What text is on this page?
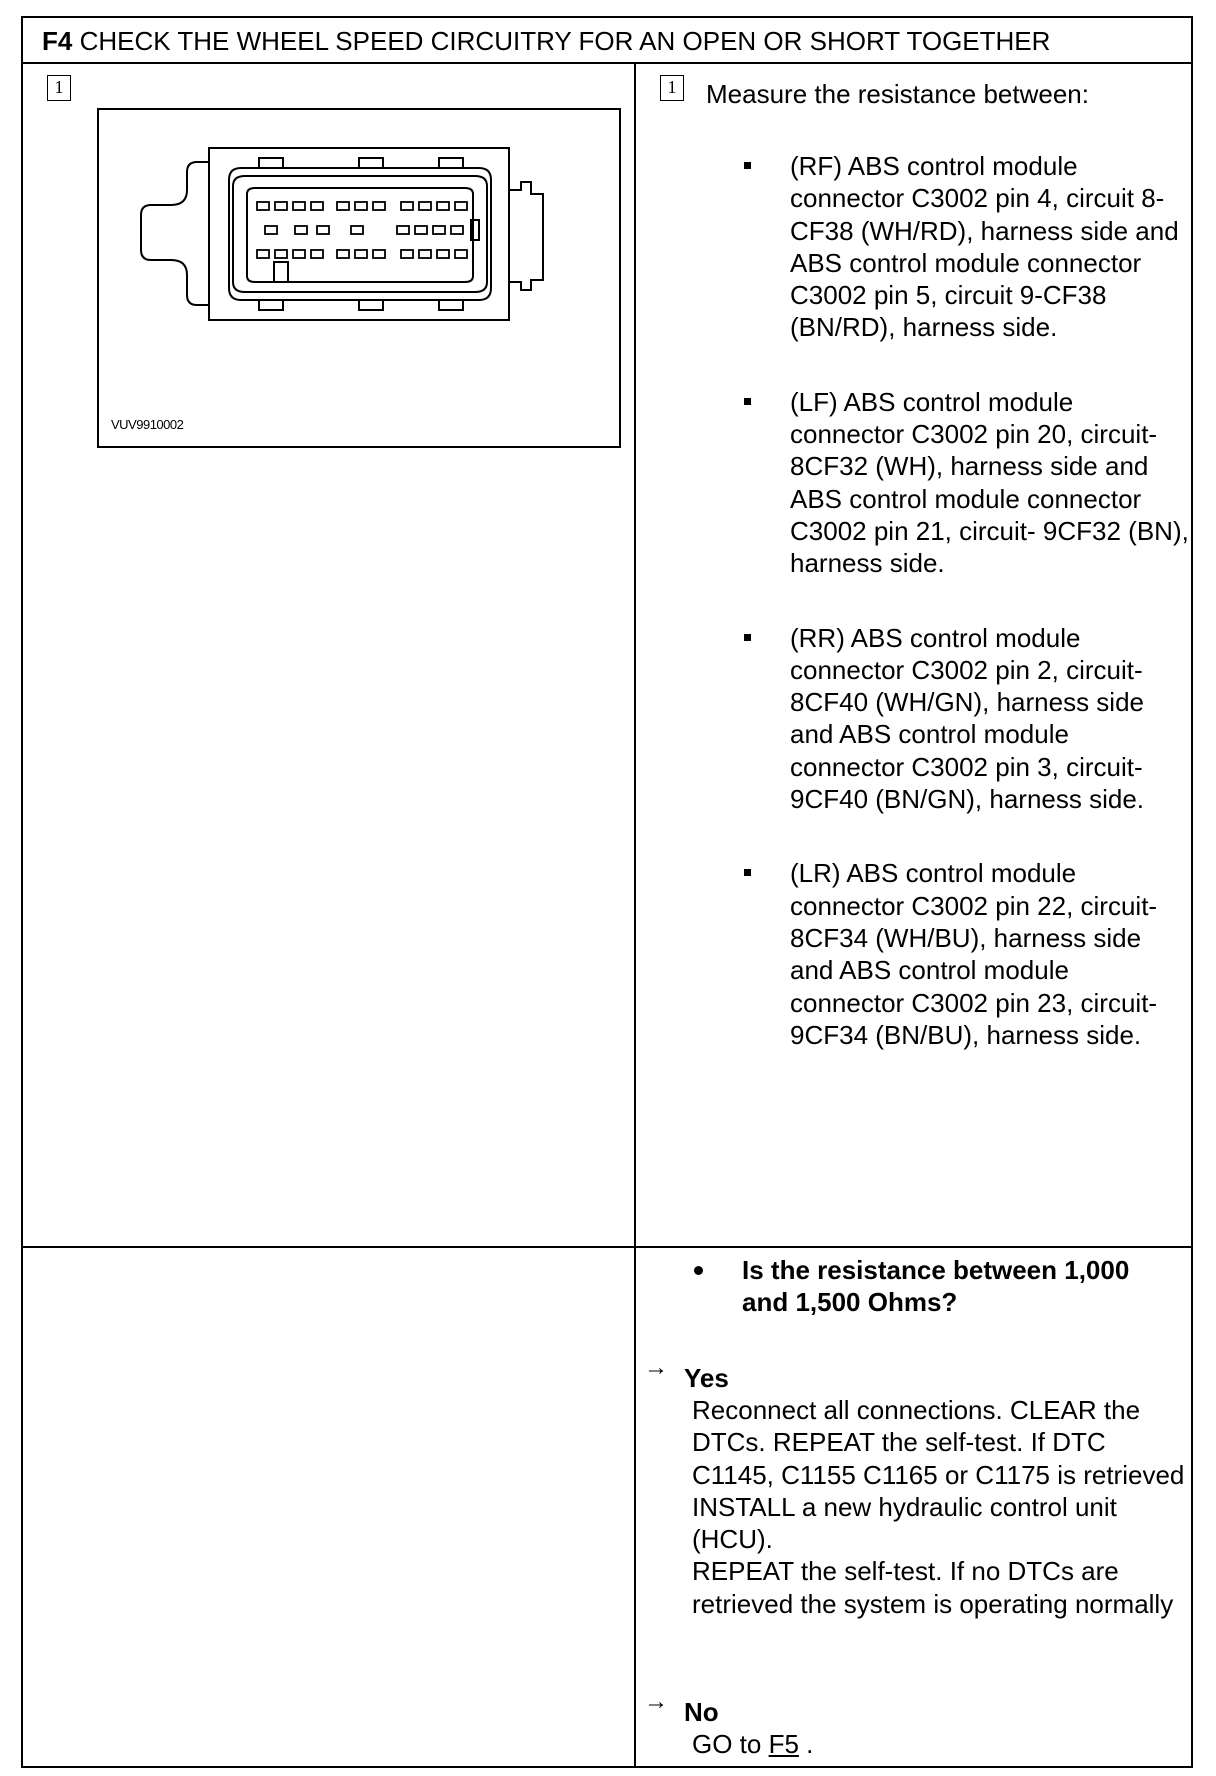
F4 CHECK THE WHEEL SPEED CIRCUITRY FOR AN OPEN OR SHORT TOGETHER
1	1
VUV9910002
Measure the resistance between:
(RF) ABS control module connector C3002 pin 4, circuit 8-CF38 (WH/RD), harness side and ABS control module connector C3002 pin 5, circuit 9-CF38 (BN/RD), harness side.
(LF) ABS control module connector C3002 pin 20, circuit- 8CF32 (WH), harness side and ABS control module connector C3002 pin 21, circuit- 9CF32 (BN), harness side.
(RR) ABS control module connector C3002 pin 2, circuit- 8CF40 (WH/GN), harness side and ABS control module connector C3002 pin 3, circuit- 9CF40 (BN/GN), harness side.
(LR) ABS control module connector C3002 pin 22, circuit- 8CF34 (WH/BU), harness side and ABS control module connector C3002 pin 23, circuit- 9CF34 (BN/BU), harness side.
Is the resistance between 1,000 and 1,500 Ohms?
→ Yes
Reconnect all connections. CLEAR the DTCs. REPEAT the self-test. If DTC C1145, C1155 C1165 or C1175 is retrieved INSTALL a new hydraulic control unit (HCU).
REPEAT the self-test. If no DTCs are retrieved the system is operating normally
→ No
GO to F5 .
